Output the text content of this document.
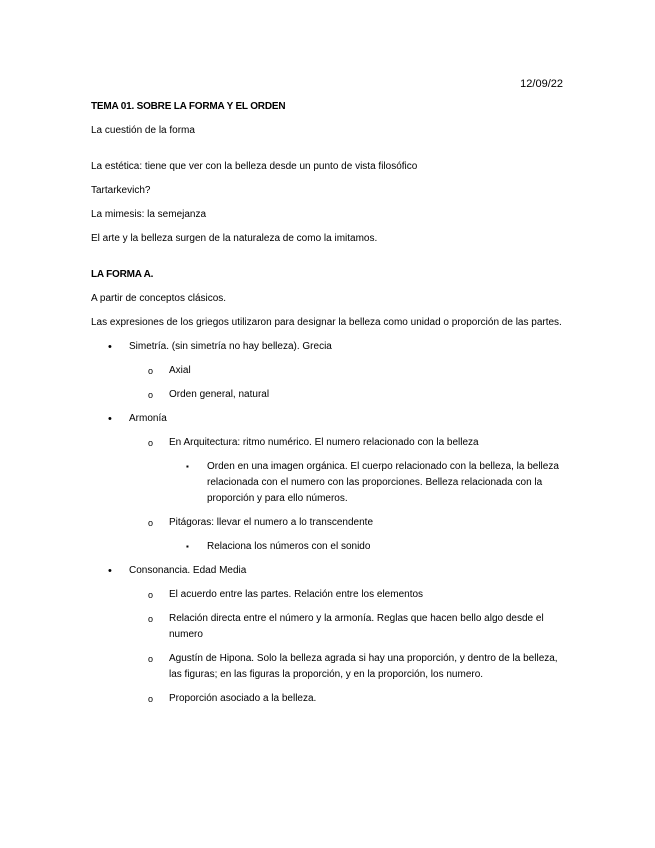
12/09/22

TEMA 01. SOBRE LA FORMA Y EL ORDEN

La cuestión de la forma

La estética: tiene que ver con la belleza desde un punto de vista filosófico

Tartarkevich?

La mimesis: la semejanza

El arte y la belleza surgen de la naturaleza de como la imitamos.

LA FORMA A.

A partir de conceptos clásicos.

Las expresiones de los griegos utilizaron para designar la belleza como unidad o proporción de las partes.

• Simetría. (sin simetría no hay belleza). Grecia
o Axial
o Orden general, natural
• Armonía
o En Arquitectura: ritmo numérico. El numero relacionado con la belleza
▪ Orden en una imagen orgánica. El cuerpo relacionado con la belleza, la belleza relacionada con el numero con las proporciones. Belleza relacionada con la proporción y para ello números.
o Pitágoras: llevar el numero a lo transcendente
▪ Relaciona los números con el sonido
• Consonancia. Edad Media
o El acuerdo entre las partes. Relación entre los elementos
o Relación directa entre el número y la armonía. Reglas que hacen bello algo desde el numero
o Agustín de Hipona. Solo la belleza agrada si hay una proporción, y dentro de la belleza, las figuras; en las figuras la proporción, y en la proporción, los numero.
o Proporción asociado a la belleza.
